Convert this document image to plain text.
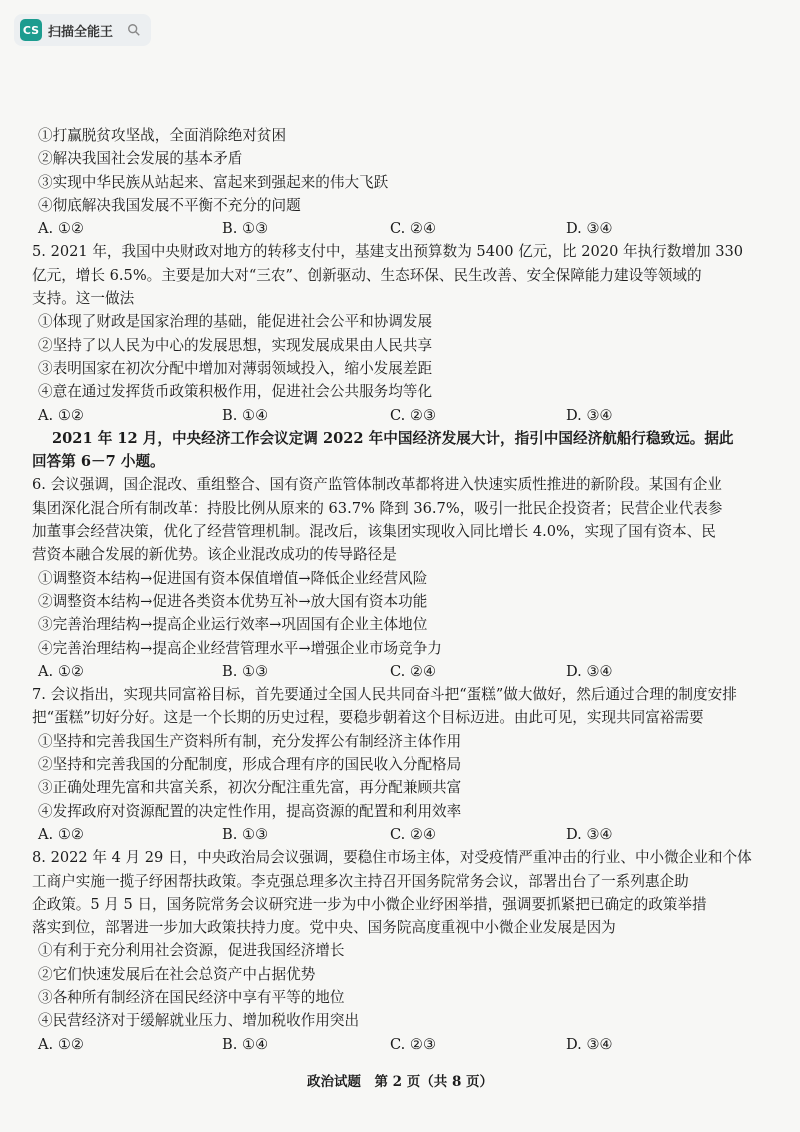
CS 扫描全能王
①打赢脱贫攻坚战，全面消除绝对贫困
②解决我国社会发展的基本矛盾
③实现中华民族从站起来、富起来到强起来的伟大飞跃
④彻底解决我国发展不平衡不充分的问题
A. ①②	B. ①③	C. ②④	D. ③④
5. 2021 年，我国中央财政对地方的转移支付中，基建支出预算数为 5400 亿元，比 2020 年执行数增加 330
亿元，增长 6.5%。主要是加大对“三农”、创新驱动、生态环保、民生改善、安全保障能力建设等领域的
支持。这一做法
①体现了财政是国家治理的基础，能促进社会公平和协调发展
②坚持了以人民为中心的发展思想，实现发展成果由人民共享
③表明国家在初次分配中增加对薄弱领域投入，缩小发展差距
④意在通过发挥货币政策积极作用，促进社会公共服务均等化
A. ①②	B. ①④	C. ②③	D. ③④
2021 年 12 月，中央经济工作会议定调 2022 年中国经济发展大计，指引中国经济航船行稳致远。据此
回答第 6－7 小题。
6. 会议强调，国企混改、重组整合、国有资产监管体制改革都将进入快速实质性推进的新阶段。某国有企业
集团深化混合所有制改革：持股比例从原来的 63.7% 降到 36.7%，吸引一批民企投资者；民营企业代表参
加董事会经营决策，优化了经营管理机制。混改后，该集团实现收入同比增长 4.0%，实现了国有资本、民
营资本融合发展的新优势。该企业混改成功的传导路径是
①调整资本结构→促进国有资本保值增值→降低企业经营风险
②调整资本结构→促进各类资本优势互补→放大国有资本功能
③完善治理结构→提高企业运行效率→巩固国有企业主体地位
④完善治理结构→提高企业经营管理水平→增强企业市场竞争力
A. ①②	B. ①③	C. ②④	D. ③④
7. 会议指出，实现共同富裕目标，首先要通过全国人民共同奋斗把“蛋糕”做大做好，然后通过合理的制度安排
把“蛋糕”切好分好。这是一个长期的历史过程，要稳步朝着这个目标迈进。由此可见，实现共同富裕需要
①坚持和完善我国生产资料所有制，充分发挥公有制经济主体作用
②坚持和完善我国的分配制度，形成合理有序的国民收入分配格局
③正确处理先富和共富关系，初次分配注重先富，再分配兼顾共富
④发挥政府对资源配置的决定性作用，提高资源的配置和利用效率
A. ①②	B. ①③	C. ②④	D. ③④
8. 2022 年 4 月 29 日，中央政治局会议强调，要稳住市场主体，对受疫情严重冲击的行业、中小微企业和个体
工商户实施一揽子纾困帮扶政策。李克强总理多次主持召开国务院常务会议，部署出台了一系列惠企助
企政策。5 月 5 日，国务院常务会议研究进一步为中小微企业纾困举措，强调要抓紧把已确定的政策举措
落实到位，部署进一步加大政策扶持力度。党中央、国务院高度重视中小微企业发展是因为
①有利于充分利用社会资源，促进我国经济增长
②它们快速发展后在社会总资产中占据优势
③各种所有制经济在国民经济中享有平等的地位
④民营经济对于缓解就业压力、增加税收作用突出
A. ①②	B. ①④	C. ②③	D. ③④
政治试题　第 2 页（共 8 页）
